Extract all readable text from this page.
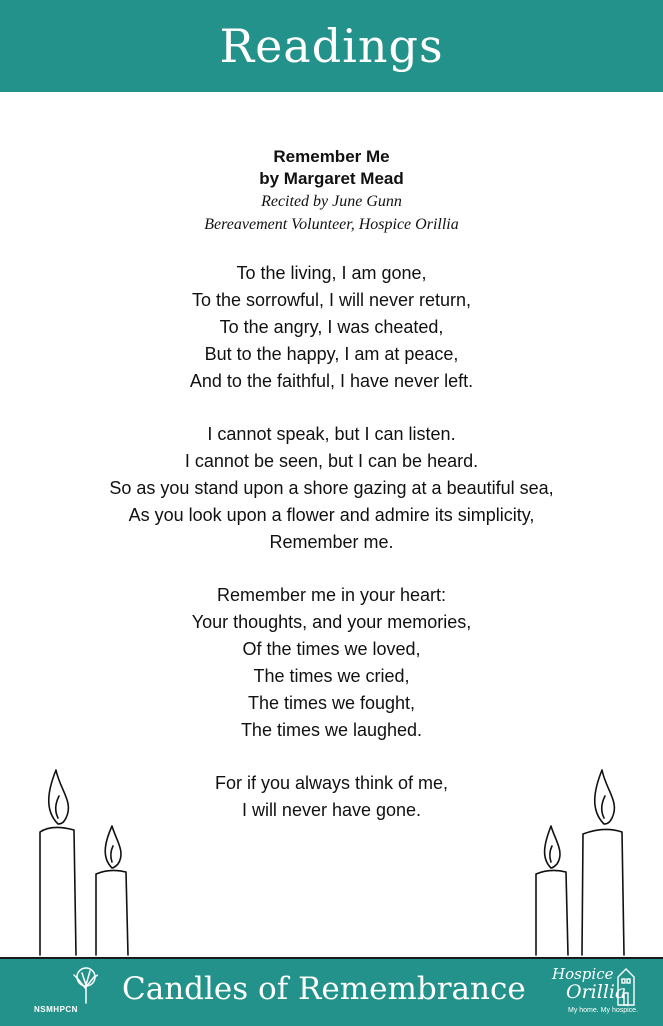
Readings
Remember Me
by Margaret Mead
Recited by June Gunn
Bereavement Volunteer, Hospice Orillia
To the living, I am gone,
To the sorrowful, I will never return,
To the angry, I was cheated,
But to the happy, I am at peace,
And to the faithful, I have never left.
I cannot speak, but I can listen.
I cannot be seen, but I can be heard.
So as you stand upon a shore gazing at a beautiful sea,
As you look upon a flower and admire its simplicity,
Remember me.
Remember me in your heart:
Your thoughts, and your memories,
Of the times we loved,
The times we cried,
The times we fought,
The times we laughed.
For if you always think of me,
I will never have gone.
NSMHPCN
Candles of Remembrance Hospice
Orillia
My home. My hospice.
